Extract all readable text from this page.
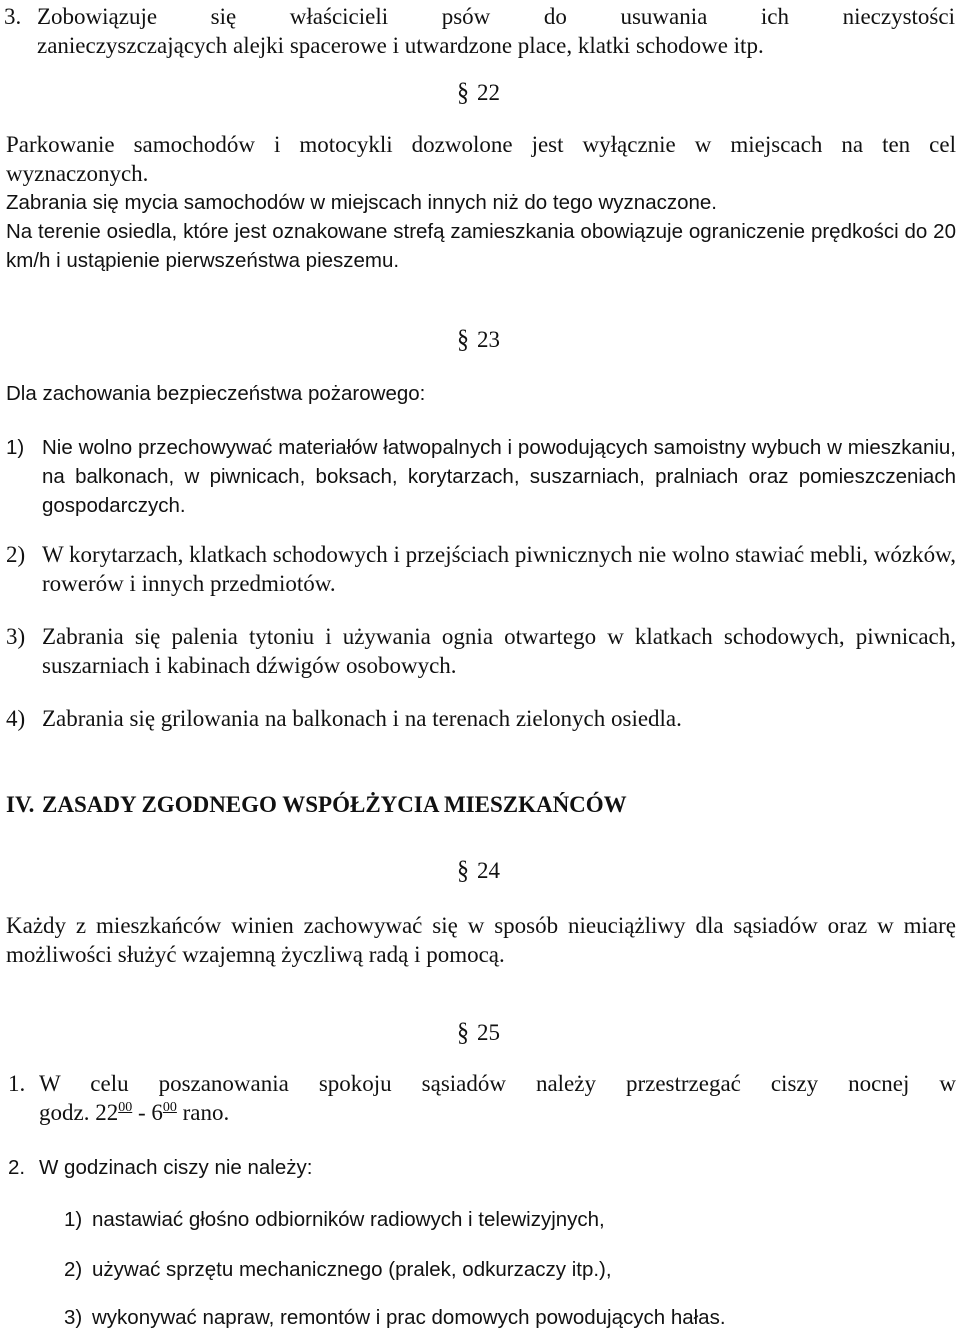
3. Zobowiązuje się właścicieli psów do usuwania ich nieczystości
zanieczyszczających alejki spacerowe i utwardzone place, klatki schodowe itp.
§ 22
Parkowanie samochodów i motocykli dozwolone jest wyłącznie w miejscach na ten cel wyznaczonych.
Zabrania się mycia samochodów w miejscach innych niż do tego wyznaczone.
Na terenie osiedla, które jest oznakowane strefą zamieszkania obowiązuje ograniczenie prędkości do 20 km/h i ustąpienie pierwszeństwa pieszemu.
§ 23
Dla zachowania bezpieczeństwa pożarowego:
1) Nie wolno przechowywać materiałów łatwopalnych i powodujących samoistny wybuch w mieszkaniu, na balkonach, w piwnicach, boksach, korytarzach, suszarniach, pralniach oraz pomieszczeniach gospodarczych.
2) W korytarzach, klatkach schodowych i przejściach piwnicznych nie wolno stawiać mebli, wózków, rowerów i innych przedmiotów.
3) Zabrania się palenia tytoniu i używania ognia otwartego w klatkach schodowych, piwnicach, suszarniach i kabinach dźwigów osobowych.
4) Zabrania się grilowania na balkonach i na terenach zielonych osiedla.
IV. ZASADY ZGODNEGO WSPÓŁŻYCIA MIESZKAŃCÓW
§ 24
Każdy z mieszkańców winien zachowywać się w sposób nieuciążliwy dla sąsiadów oraz w miarę możliwości służyć wzajemną życzliwą radą i pomocą.
§ 25
1. W celu poszanowania spokoju sąsiadów należy przestrzegać ciszy nocnej w
godz. $22^{00} - 6^{00}$ rano.
2. W godzinach ciszy nie należy:
1) nastawiać głośno odbiorników radiowych i telewizyjnych,
2) używać sprzętu mechanicznego (pralek, odkurzaczy itp.),
3) wykonywać napraw, remontów i prac domowych powodujących hałas.
